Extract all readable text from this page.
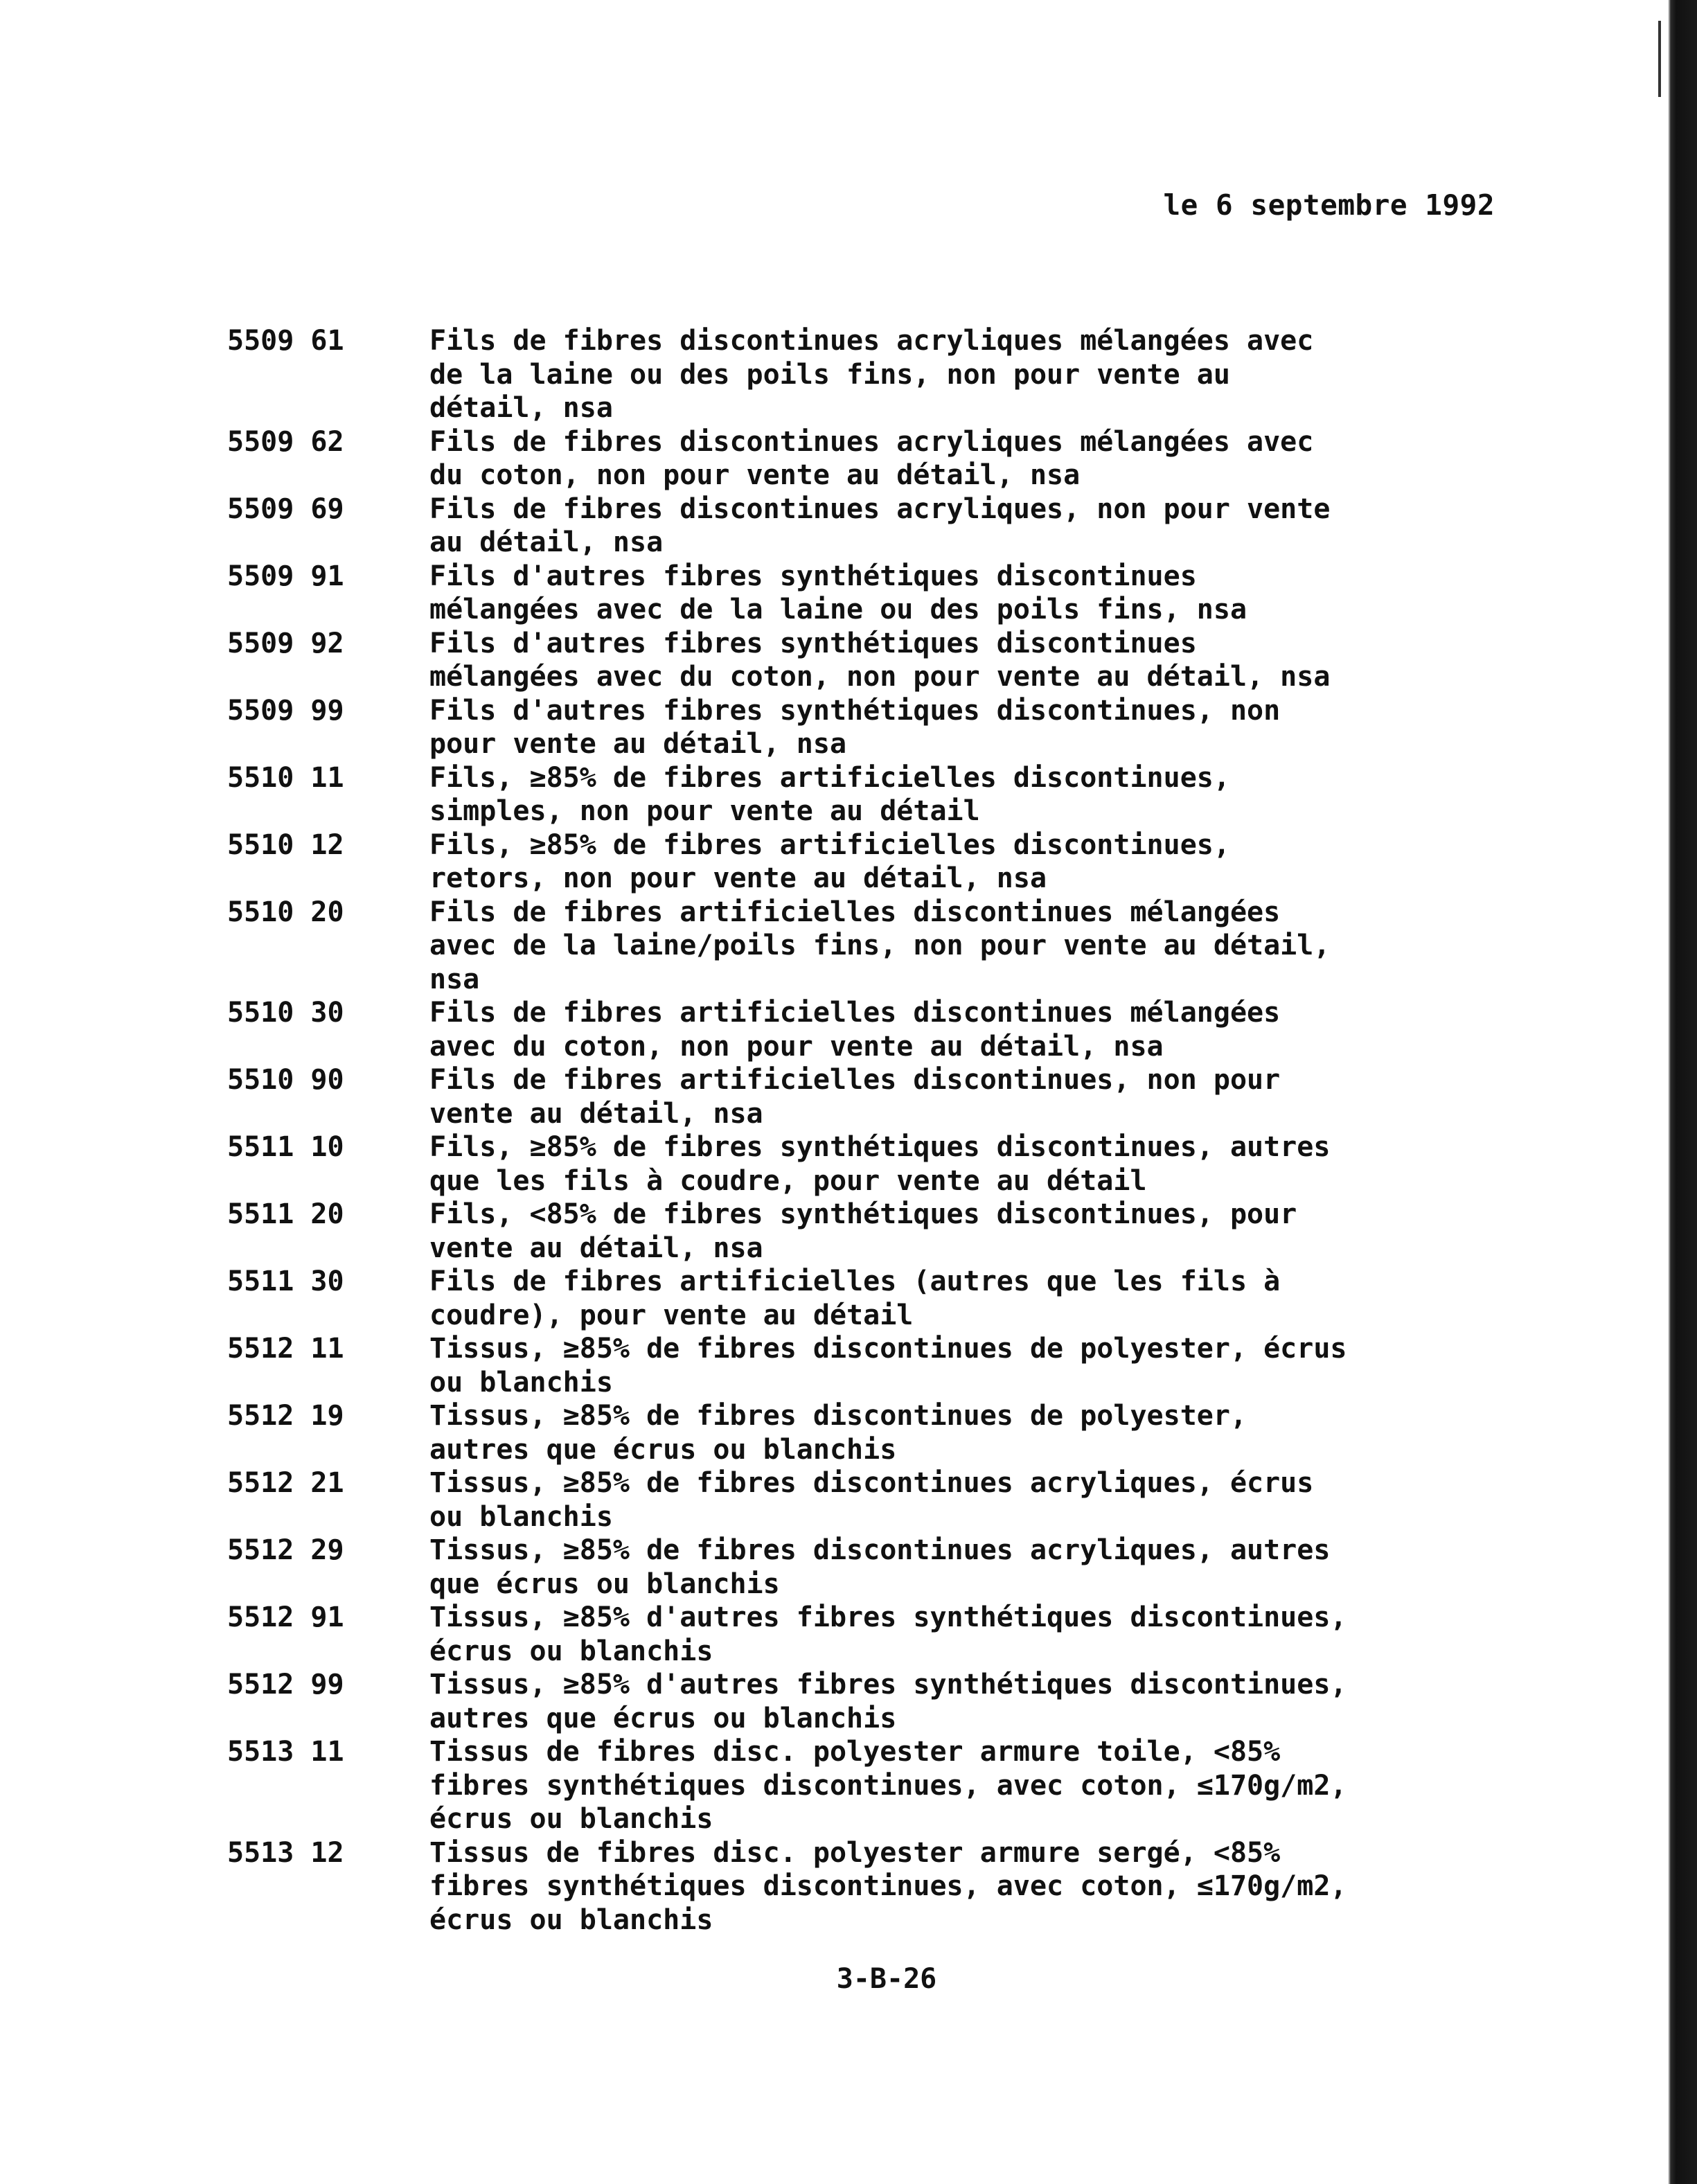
le 6 septembre 1992
5509 61	Fils de fibres discontinues acryliques mélangées avec
de la laine ou des poils fins, non pour vente au
détail, nsa
5509 62	Fils de fibres discontinues acryliques mélangées avec
du coton, non pour vente au détail, nsa
5509 69	Fils de fibres discontinues acryliques, non pour vente
au détail, nsa
5509 91	Fils d'autres fibres synthétiques discontinues
mélangées avec de la laine ou des poils fins, nsa
5509 92	Fils d'autres fibres synthétiques discontinues
mélangées avec du coton, non pour vente au détail, nsa
5509 99	Fils d'autres fibres synthétiques discontinues, non
pour vente au détail, nsa
5510 11	Fils, ≥85% de fibres artificielles discontinues,
simples, non pour vente au détail
5510 12	Fils, ≥85% de fibres artificielles discontinues,
retors, non pour vente au détail, nsa
5510 20	Fils de fibres artificielles discontinues mélangées
avec de la laine/poils fins, non pour vente au détail,
nsa
5510 30	Fils de fibres artificielles discontinues mélangées
avec du coton, non pour vente au détail, nsa
5510 90	Fils de fibres artificielles discontinues, non pour
vente au détail, nsa
5511 10	Fils, ≥85% de fibres synthétiques discontinues, autres
que les fils à coudre, pour vente au détail
5511 20	Fils, <85% de fibres synthétiques discontinues, pour
vente au détail, nsa
5511 30	Fils de fibres artificielles (autres que les fils à
coudre), pour vente au détail
5512 11	Tissus, ≥85% de fibres discontinues de polyester, écrus
ou blanchis
5512 19	Tissus, ≥85% de fibres discontinues de polyester,
autres que écrus ou blanchis
5512 21	Tissus, ≥85% de fibres discontinues acryliques, écrus
ou blanchis
5512 29	Tissus, ≥85% de fibres discontinues acryliques, autres
que écrus ou blanchis
5512 91	Tissus, ≥85% d'autres fibres synthétiques discontinues,
écrus ou blanchis
5512 99	Tissus, ≥85% d'autres fibres synthétiques discontinues,
autres que écrus ou blanchis
5513 11	Tissus de fibres disc. polyester armure toile, <85%
fibres synthétiques discontinues, avec coton, ≤170g/m2,
écrus ou blanchis
5513 12	Tissus de fibres disc. polyester armure sergé, <85%
fibres synthétiques discontinues, avec coton, ≤170g/m2,
écrus ou blanchis
3-B-26
